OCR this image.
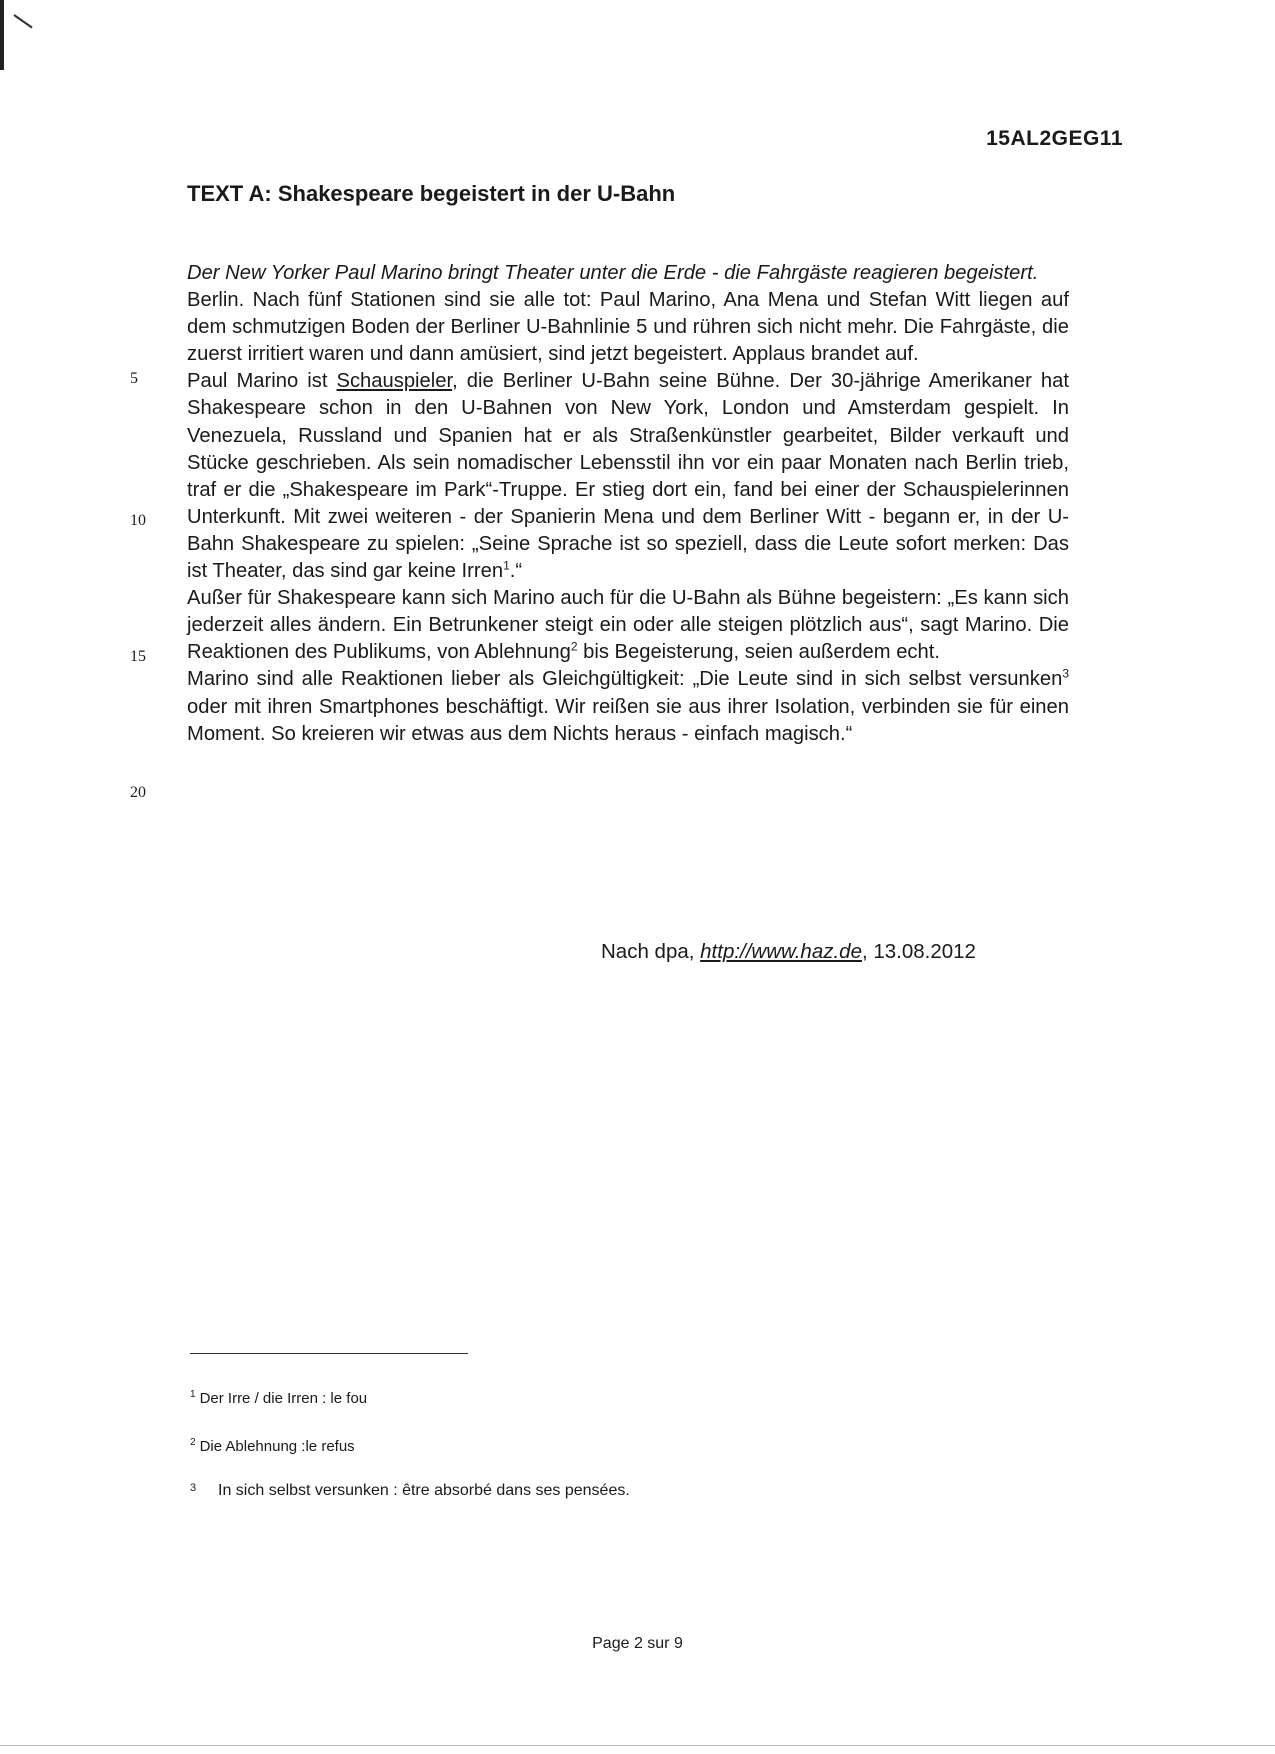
15AL2GEG11
TEXT A: Shakespeare begeistert in der U-Bahn
5
10
15
20

Der New Yorker Paul Marino bringt Theater unter die Erde - die Fahrgäste reagieren begeistert.

Berlin. Nach fünf Stationen sind sie alle tot: Paul Marino, Ana Mena und Stefan Witt liegen auf dem schmutzigen Boden der Berliner U-Bahnlinie 5 und rühren sich nicht mehr. Die Fahrgäste, die zuerst irritiert waren und dann amüsiert, sind jetzt begeistert. Applaus brandet auf.

Paul Marino ist Schauspieler, die Berliner U-Bahn seine Bühne. Der 30-jährige Amerikaner hat Shakespeare schon in den U-Bahnen von New York, London und Amsterdam gespielt. In Venezuela, Russland und Spanien hat er als Straßenkünstler gearbeitet, Bilder verkauft und Stücke geschrieben. Als sein nomadischer Lebensstil ihn vor ein paar Monaten nach Berlin trieb, traf er die „Shakespeare im Park“-Truppe. Er stieg dort ein, fand bei einer der Schauspielerinnen Unterkunft. Mit zwei weiteren - der Spanierin Mena und dem Berliner Witt - begann er, in der U-Bahn Shakespeare zu spielen: „Seine Sprache ist so speziell, dass die Leute sofort merken: Das ist Theater, das sind gar keine Irren$^1$.“

Außer für Shakespeare kann sich Marino auch für die U-Bahn als Bühne begeistern: „Es kann sich jederzeit alles ändern. Ein Betrunkener steigt ein oder alle steigen plötzlich aus“, sagt Marino. Die Reaktionen des Publikums, von Ablehnung$^2$ bis Begeisterung, seien außerdem echt.

Marino sind alle Reaktionen lieber als Gleichgültigkeit: „Die Leute sind in sich selbst versunken$^3$ oder mit ihren Smartphones beschäftigt. Wir reißen sie aus ihrer Isolation, verbinden sie für einen Moment. So kreieren wir etwas aus dem Nichts heraus - einfach magisch.“

Nach dpa, http://www.haz.de, 13.08.2012
$^1$ Der Irre / die Irren : le fou
$^2$ Die Ablehnung :le refus
3 In sich selbst versunken : être absorbé dans ses pensées.
Page 2 sur 9
